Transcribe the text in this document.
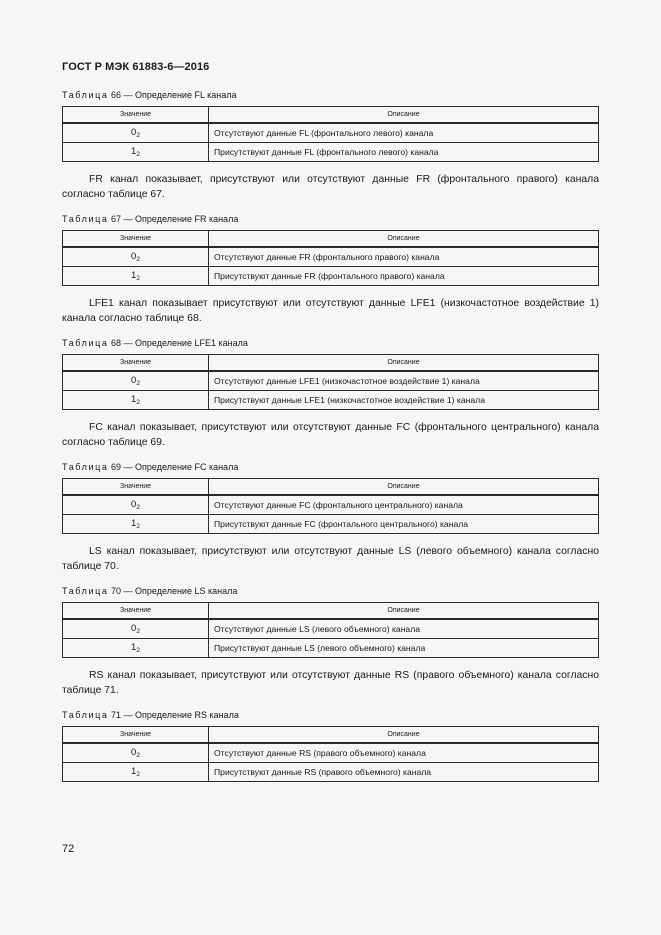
ГОСТ Р МЭК 61883-6—2016
Таблица 66 — Определение FL канала
Значение	Описание
$0_2$	Отсутствуют данные FL (фронтального левого) канала
$1_2$	Присутствуют данные FL (фронтального левого) канала

FR канал показывает, присутствуют или отсутствуют данные FR (фронтального правого) канала согласно таблице 67.

Таблица 67 — Определение FR канала
Значение	Описание
$0_2$	Отсутствуют данные FR (фронтального правого) канала
$1_2$	Присутствуют данные FR (фронтального правого) канала

LFE1 канал показывает присутствуют или отсутствуют данные LFE1 (низкочастотное воздействие 1) канала согласно таблице 68.

Таблица 68 — Определение LFE1 канала
Значение	Описание
$0_2$	Отсутствуют данные LFE1 (низкочастотное воздействие 1) канала
$1_2$	Присутствуют данные LFE1 (низкочастотное воздействие 1) канала

FC канал показывает, присутствуют или отсутствуют данные FC (фронтального центрального) канала согласно таблице 69.

Таблица 69 — Определение FC канала
Значение	Описание
$0_2$	Отсутствуют данные FC (фронтального центрального) канала
$1_2$	Присутствуют данные FC (фронтального центрального) канала

LS канал показывает, присутствуют или отсутствуют данные LS (левого объемного) канала согласно таблице 70.

Таблица 70 — Определение LS канала
Значение	Описание
$0_2$	Отсутствуют данные LS (левого объемного) канала
$1_2$	Присутствуют данные LS (левого объемного) канала

RS канал показывает, присутствуют или отсутствуют данные RS (правого объемного) канала согласно таблице 71.

Таблица 71 — Определение RS канала
Значение	Описание
$0_2$	Отсутствуют данные RS (правого объемного) канала
$1_2$	Присутствуют данные RS (правого объемного) канала
72
